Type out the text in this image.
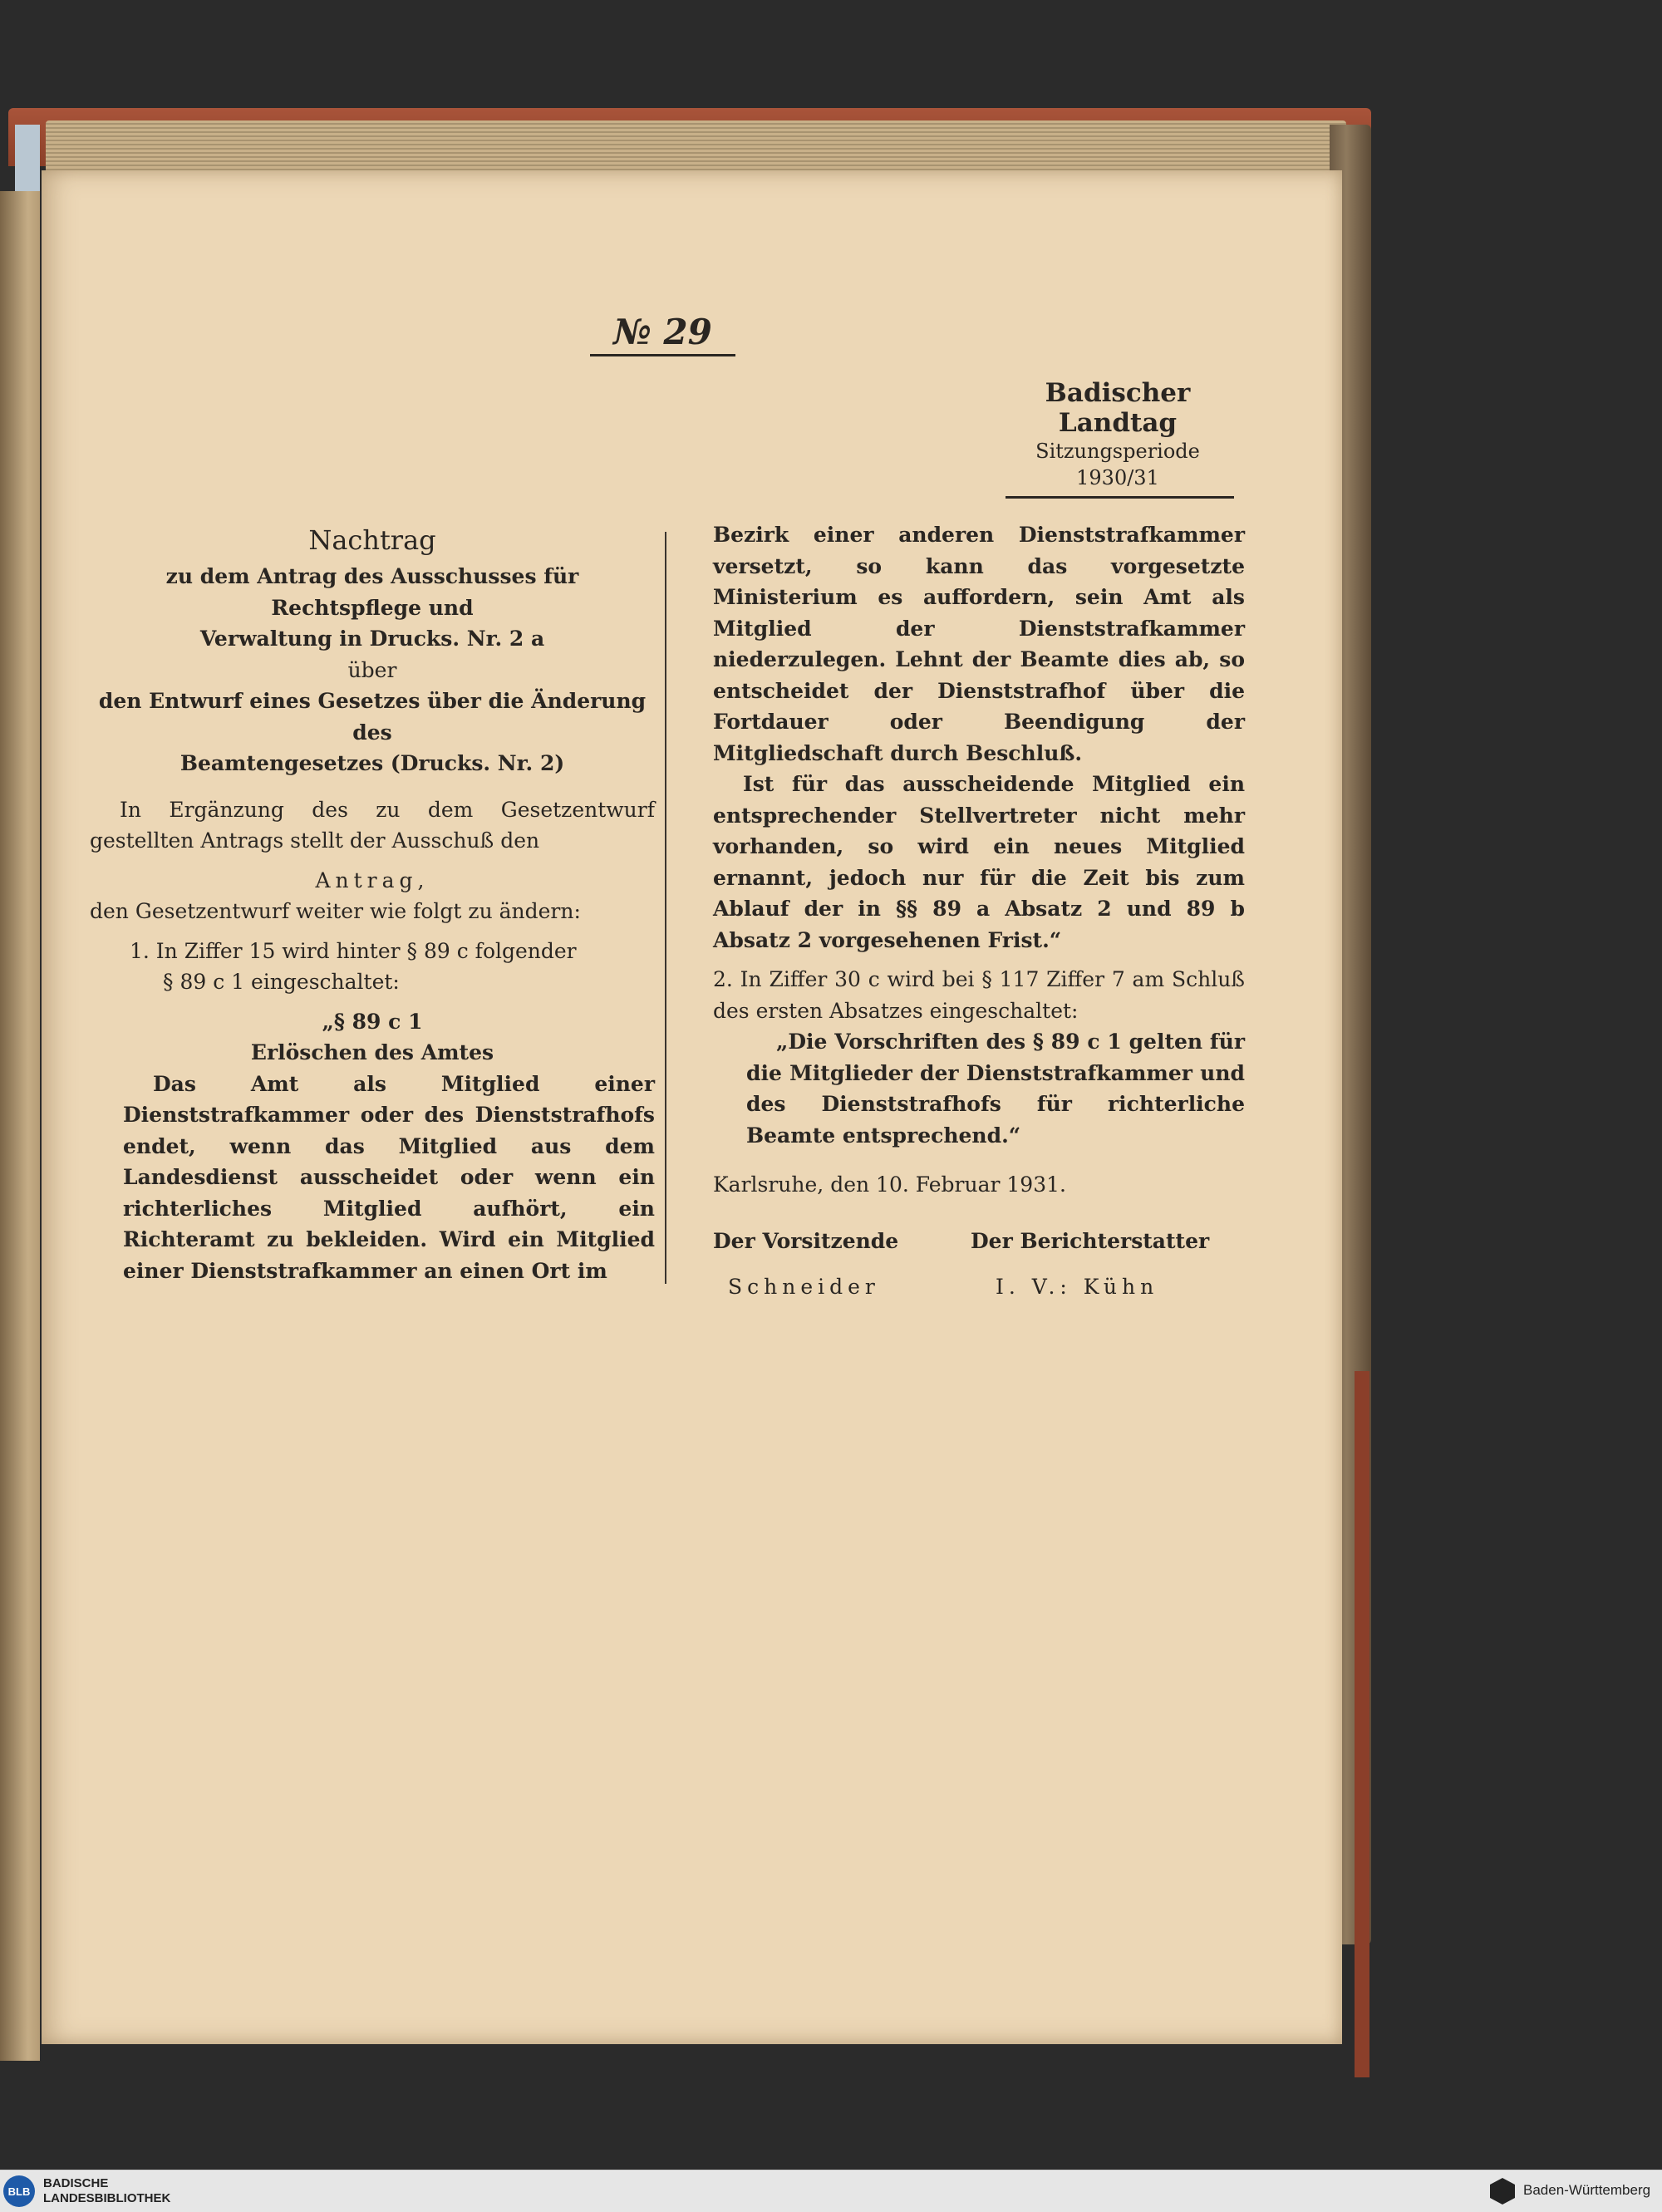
№ 29
Badischer Landtag
Sitzungsperiode
1930/31
Nachtrag
zu dem Antrag des Ausschusses für Rechtspflege und
Verwaltung in Drucks. Nr. 2 a
über
den Entwurf eines Gesetzes über die Änderung des
Beamtengesetzes (Drucks. Nr. 2)
In Ergänzung des zu dem Gesetzentwurf gestellten Antrags stellt der Ausschuß den
Antrag,
den Gesetzentwurf weiter wie folgt zu ändern:
1. In Ziffer 15 wird hinter § 89 c folgender
§ 89 c 1 eingeschaltet:
„§ 89 c 1
Erlöschen des Amtes
Das Amt als Mitglied einer Dienststrafkammer oder des Dienststrafhofs endet, wenn das Mitglied aus dem Landesdienst ausscheidet oder wenn ein richterliches Mitglied aufhört, ein Richteramt zu bekleiden. Wird ein Mitglied einer Dienststrafkammer an einen Ort im
Bezirk einer anderen Dienststrafkammer versetzt, so kann das vorgesetzte Ministerium es auffordern, sein Amt als Mitglied der Dienststrafkammer niederzulegen. Lehnt der Beamte dies ab, so entscheidet der Dienststrafhof über die Fortdauer oder Beendigung der Mitgliedschaft durch Beschluß.
Ist für das ausscheidende Mitglied ein entsprechender Stellvertreter nicht mehr vorhanden, so wird ein neues Mitglied ernannt, jedoch nur für die Zeit bis zum Ablauf der in §§ 89 a Absatz 2 und 89 b Absatz 2 vorgesehenen Frist.“
2. In Ziffer 30 c wird bei § 117 Ziffer 7 am Schluß des ersten Absatzes eingeschaltet:
„Die Vorschriften des § 89 c 1 gelten für die Mitglieder der Dienststrafkammer und des Dienststrafhofs für richterliche Beamte entsprechend.“
Karlsruhe, den 10. Februar 1931.
Der Vorsitzende
Schneider
Der Berichterstatter
I. V.: Kühn
BLB
BADISCHE
LANDESBIBLIOTHEK
Baden-Württemberg
